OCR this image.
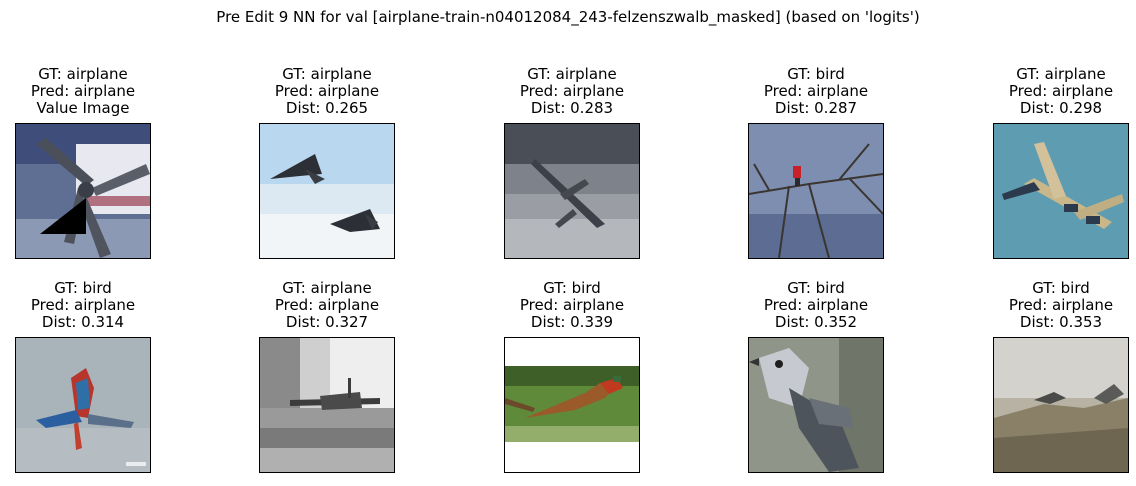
Pre Edit 9 NN for val [airplane-train-n04012084_243-felzenszwalb_masked] (based on 'logits')
GT: airplane
Pred: airplane
Value Image
GT: airplane
Pred: airplane
Dist: 0.265
GT: airplane
Pred: airplane
Dist: 0.283
GT: bird
Pred: airplane
Dist: 0.287
GT: airplane
Pred: airplane
Dist: 0.298
GT: bird
Pred: airplane
Dist: 0.314
GT: airplane
Pred: airplane
Dist: 0.327
GT: bird
Pred: airplane
Dist: 0.339
GT: bird
Pred: airplane
Dist: 0.352
GT: bird
Pred: airplane
Dist: 0.353
